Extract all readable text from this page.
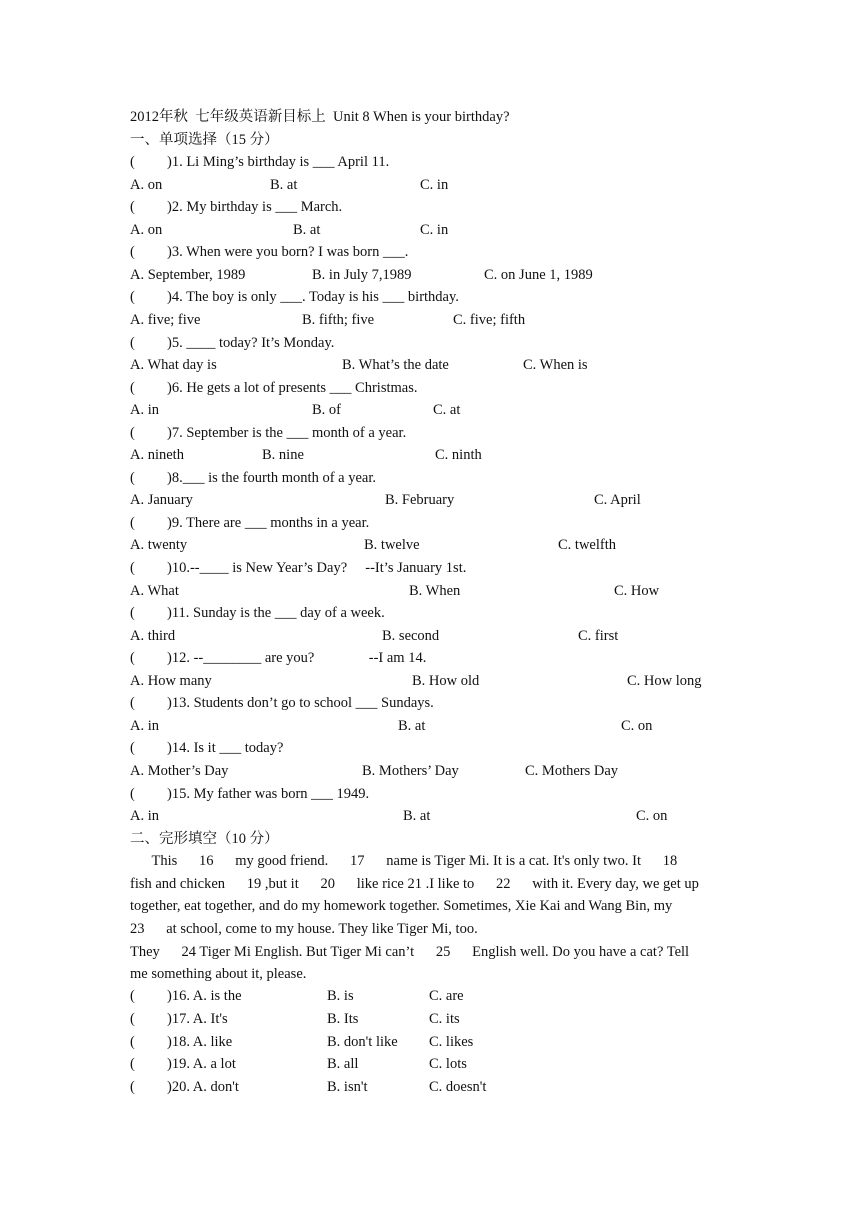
2012年秋  七年级英语新目标上  Unit 8 When is your birthday?
一、单项选择（15 分）
( )1. Li Ming’s birthday is ___ April 11.
A. on	B. at	C. in
( )2. My birthday is ___ March.
A. on	B. at	C. in
( )3. When were you born? I was born ___.
A. September, 1989	B. in July 7,1989	C. on June 1, 1989
( )4. The boy is only ___. Today is his ___ birthday.
A. five; five	B. fifth; five	C. five; fifth
( )5. ____ today? It’s Monday.
A. What day is	B. What’s the date	C. When is
( )6. He gets a lot of presents ___ Christmas.
A. in	B. of	C. at
( )7. September is the ___ month of a year.
A. nineth	B. nine	C. ninth
( )8.___ is the fourth month of a year.
A. January	B. February	C. April
( )9. There are ___ months in a year.
A. twenty	B. twelve	C. twelfth
( )10.--____ is New Year’s Day?     --It’s January 1st.
A. What	B. When	C. How
( )11. Sunday is the ___ day of a week.
A. third	B. second	C. first
( )12. --________ are you?               --I am 14.
A. How many	B. How old	C. How long
( )13. Students don’t go to school ___ Sundays.
A. in	B. at	C. on
( )14. Is it ___ today?
A. Mother’s Day	B. Mothers’ Day	C. Mothers Day
( )15. My father was born ___ 1949.
A. in	B. at	C. on
二、完形填空（10 分）
This      16      my good friend.      17      name is Tiger Mi. It is a cat. It's only two. It      18
fish and chicken      19 ,but it      20      like rice 21 .I like to      22      with it. Every day, we get up
together, eat together, and do my homework together. Sometimes, Xie Kai and Wang Bin, my
23      at school, come to my house. They like Tiger Mi, too.
They      24 Tiger Mi English. But Tiger Mi can’t      25      English well. Do you have a cat? Tell
me something about it, please.
( )16. A. is the	B. is	C. are
( )17. A. It's	B. Its	C. its
( )18. A. like	B. don't like C. likes
( )19. A. a lot	B. all	C. lots
( )20. A. don't	B. isn't	C. doesn't
